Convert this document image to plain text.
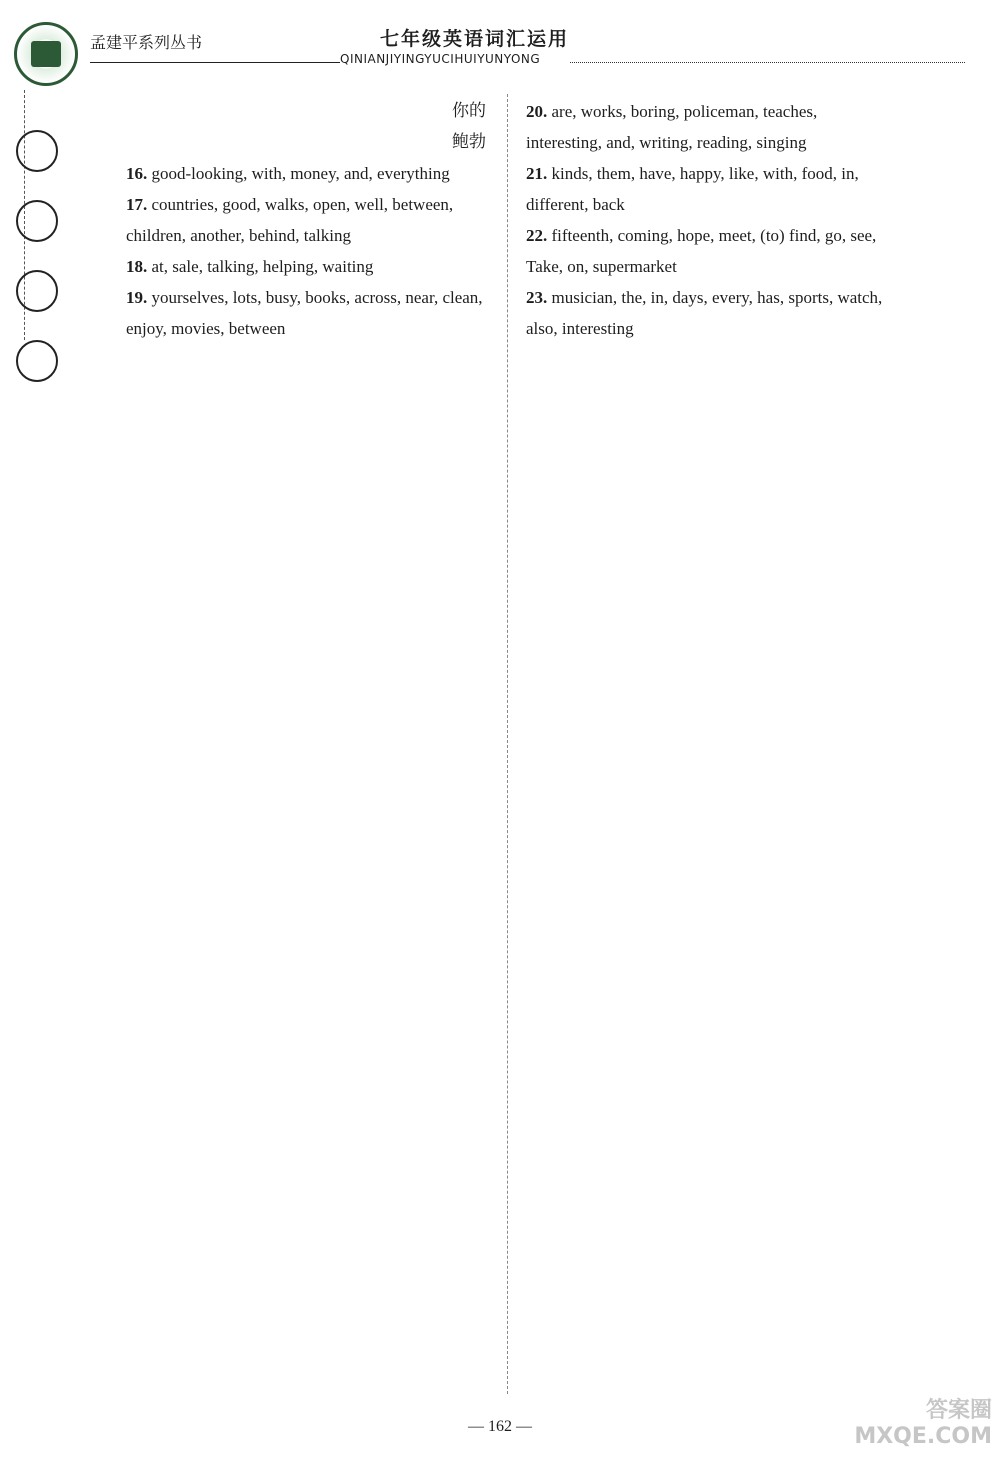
孟建平系列丛书	七年级英语词汇运用
QINIANJIYINGYUCIHUIYUNYONG

你的

鲍勃

16. good-looking, with, money, and, everything

17. countries, good, walks, open, well, between, children, another, behind, talking

18. at, sale, talking, helping, waiting

19. yourselves, lots, busy, books, across, near, clean, enjoy, movies, between

20. are, works, boring, policeman, teaches, interesting, and, writing, reading, singing

21. kinds, them, have, happy, like, with, food, in, different, back

22. fifteenth, coming, hope, meet, (to) find, go, see, Take, on, supermarket

23. musician, the, in, days, every, has, sports, watch, also, interesting

— 162 —
答案圈
MXQE.COM
